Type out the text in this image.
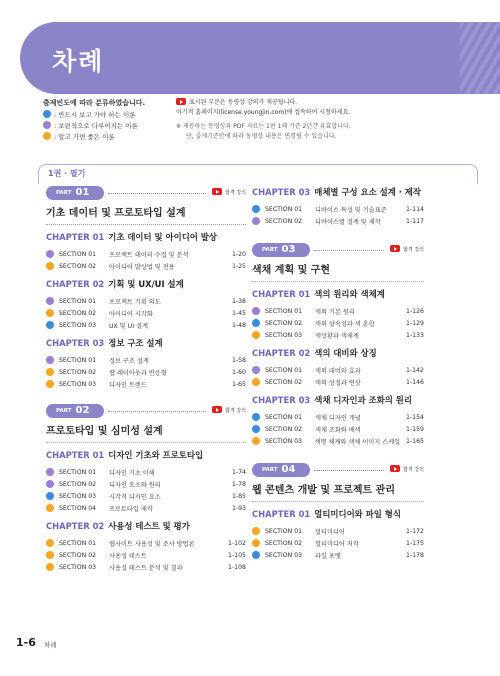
차례
출제빈도에 따라 분류하였습니다.
: 반드시 보고 가야 하는 이론
: 보편적으로 다루어지는 이론
: 알고 가면 좋은 이론
표시된 부분은 동영상 강의가 제공됩니다.
이기적 홈페이지(license.youngjin.com)에 접속하여 시청하세요.
※ 제공하는 동영상과 PDF 자료는 1판 1쇄 기준 2년간 유효합니다.
단, 출제기준안에 따라 동영상 내용은 변경될 수 있습니다.
1권 · 필기
PART 01	합격 강의
기초 데이터 및 프로토타입 설계
CHAPTER 01 기초 데이터 및 아이디어 발상
SECTION 01	프로젝트 데이터 수집 및 분석	1-20
SECTION 02	아이디어 발상법 및 전용	1-25
CHAPTER 02 기획 및 UX/UI 설계
SECTION 01	프로젝트 기획 의도	1-38
SECTION 02	아이디어 시각화	1-45
SECTION 03	UX 및 UI 설계	1-48
CHAPTER 03 정보 구조 설계
SECTION 01	정보 구조 설계	1-58
SECTION 02	웹 레이아웃과 반응형	1-60
SECTION 03	디자인 트렌드	1-65
PART 02	합격 강의
프로토타입 및 심미성 설계
CHAPTER 01 디자인 기초와 프로토타입
SECTION 01	디자인 기초 이해	1-74
SECTION 02	디자인 요소와 원리	1-78
SECTION 03	시각적 디자인 요소	1-85
SECTION 04	프로토타입 제작	1-93
CHAPTER 02 사용성 테스트 및 평가
SECTION 01	웹사이트 사용성 및 조사 방법론	1-102
SECTION 02	사용성 테스트	1-105
SECTION 03	사용성 테스트 분석 및 결과	1-108
CHAPTER 03 매체별 구성 요소 설계 · 제작
SECTION 01	디바이스 특성 및 기술표준	1-114
SECTION 02	디바이스별 설계 및 제작	1-117
PART 03	합격 강의
색채 계획 및 구현
CHAPTER 01 색의 원리와 색체계
SECTION 01	색의 기본 원리	1-126
SECTION 02	색의 삼속성과 색 혼합	1-129
SECTION 03	색상환과 색체계	1-133
CHAPTER 02 색의 대비와 상징
SECTION 01	색의 대비와 효과	1-142
SECTION 02	색의 상징과 연상	1-146
CHAPTER 03 색채 디자인과 조화의 원리
SECTION 01	색채 디자인 개념	1-154
SECTION 02	색채 조화와 배색	1-159
SECTION 03	색명 체계와 색채 이미지 스케일 1-165
PART 04	합격 강의
웹 콘텐츠 개발 및 프로젝트 관리
CHAPTER 01 멀티미디어와 파일 형식
SECTION 01	멀티미디어	1-172
SECTION 02	멀티미디어 저작	1-175
SECTION 03	파일 포맷	1-178
1-6 차례
